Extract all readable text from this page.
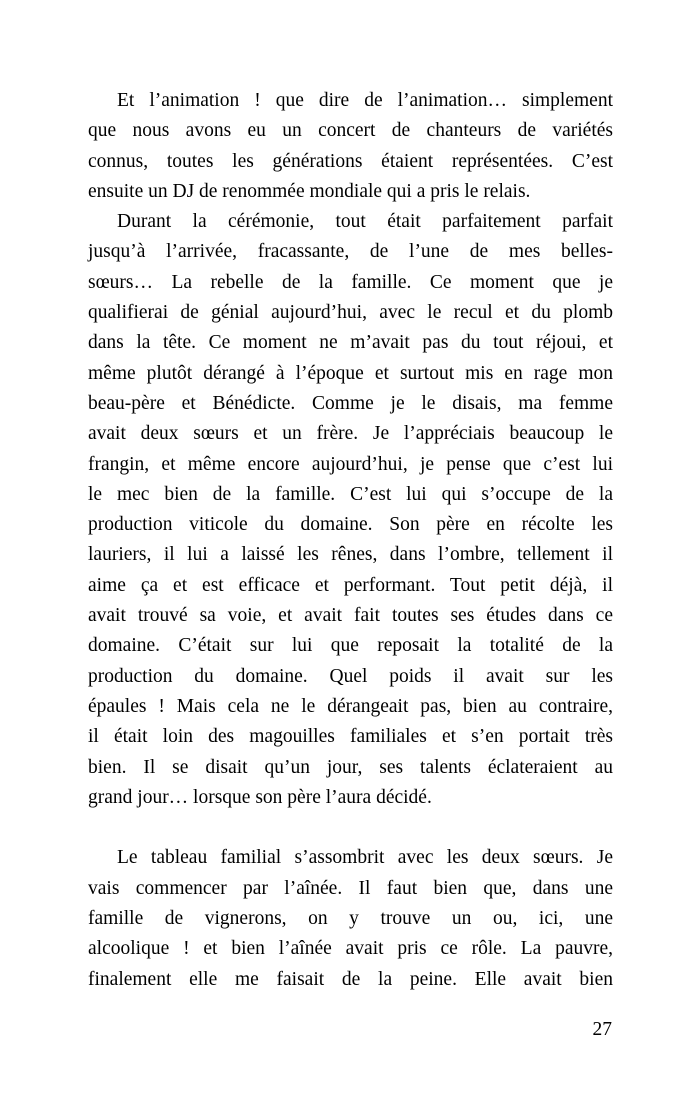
Et l’animation ! que dire de l’animation… simplement
que nous avons eu un concert de chanteurs de variétés
connus, toutes les générations étaient représentées. C’est
ensuite un DJ de renommée mondiale qui a pris le relais.
Durant la cérémonie, tout était parfaitement parfait
jusqu’à l’arrivée, fracassante, de l’une de mes belles-
sœurs… La rebelle de la famille. Ce moment que je
qualifierai de génial aujourd’hui, avec le recul et du plomb
dans la tête. Ce moment ne m’avait pas du tout réjoui, et
même plutôt dérangé à l’époque et surtout mis en rage mon
beau-père et Bénédicte. Comme je le disais, ma femme
avait deux sœurs et un frère. Je l’appréciais beaucoup le
frangin, et même encore aujourd’hui, je pense que c’est lui
le mec bien de la famille. C’est lui qui s’occupe de la
production viticole du domaine. Son père en récolte les
lauriers, il lui a laissé les rênes, dans l’ombre, tellement il
aime ça et est efficace et performant. Tout petit déjà, il
avait trouvé sa voie, et avait fait toutes ses études dans ce
domaine. C’était sur lui que reposait la totalité de la
production du domaine. Quel poids il avait sur les
épaules ! Mais cela ne le dérangeait pas, bien au contraire,
il était loin des magouilles familiales et s’en portait très
bien. Il se disait qu’un jour, ses talents éclateraient au
grand jour… lorsque son père l’aura décidé.
Le tableau familial s’assombrit avec les deux sœurs. Je
vais commencer par l’aînée. Il faut bien que, dans une
famille de vignerons, on y trouve un ou, ici, une
alcoolique ! et bien l’aînée avait pris ce rôle. La pauvre,
finalement elle me faisait de la peine. Elle avait bien
27
